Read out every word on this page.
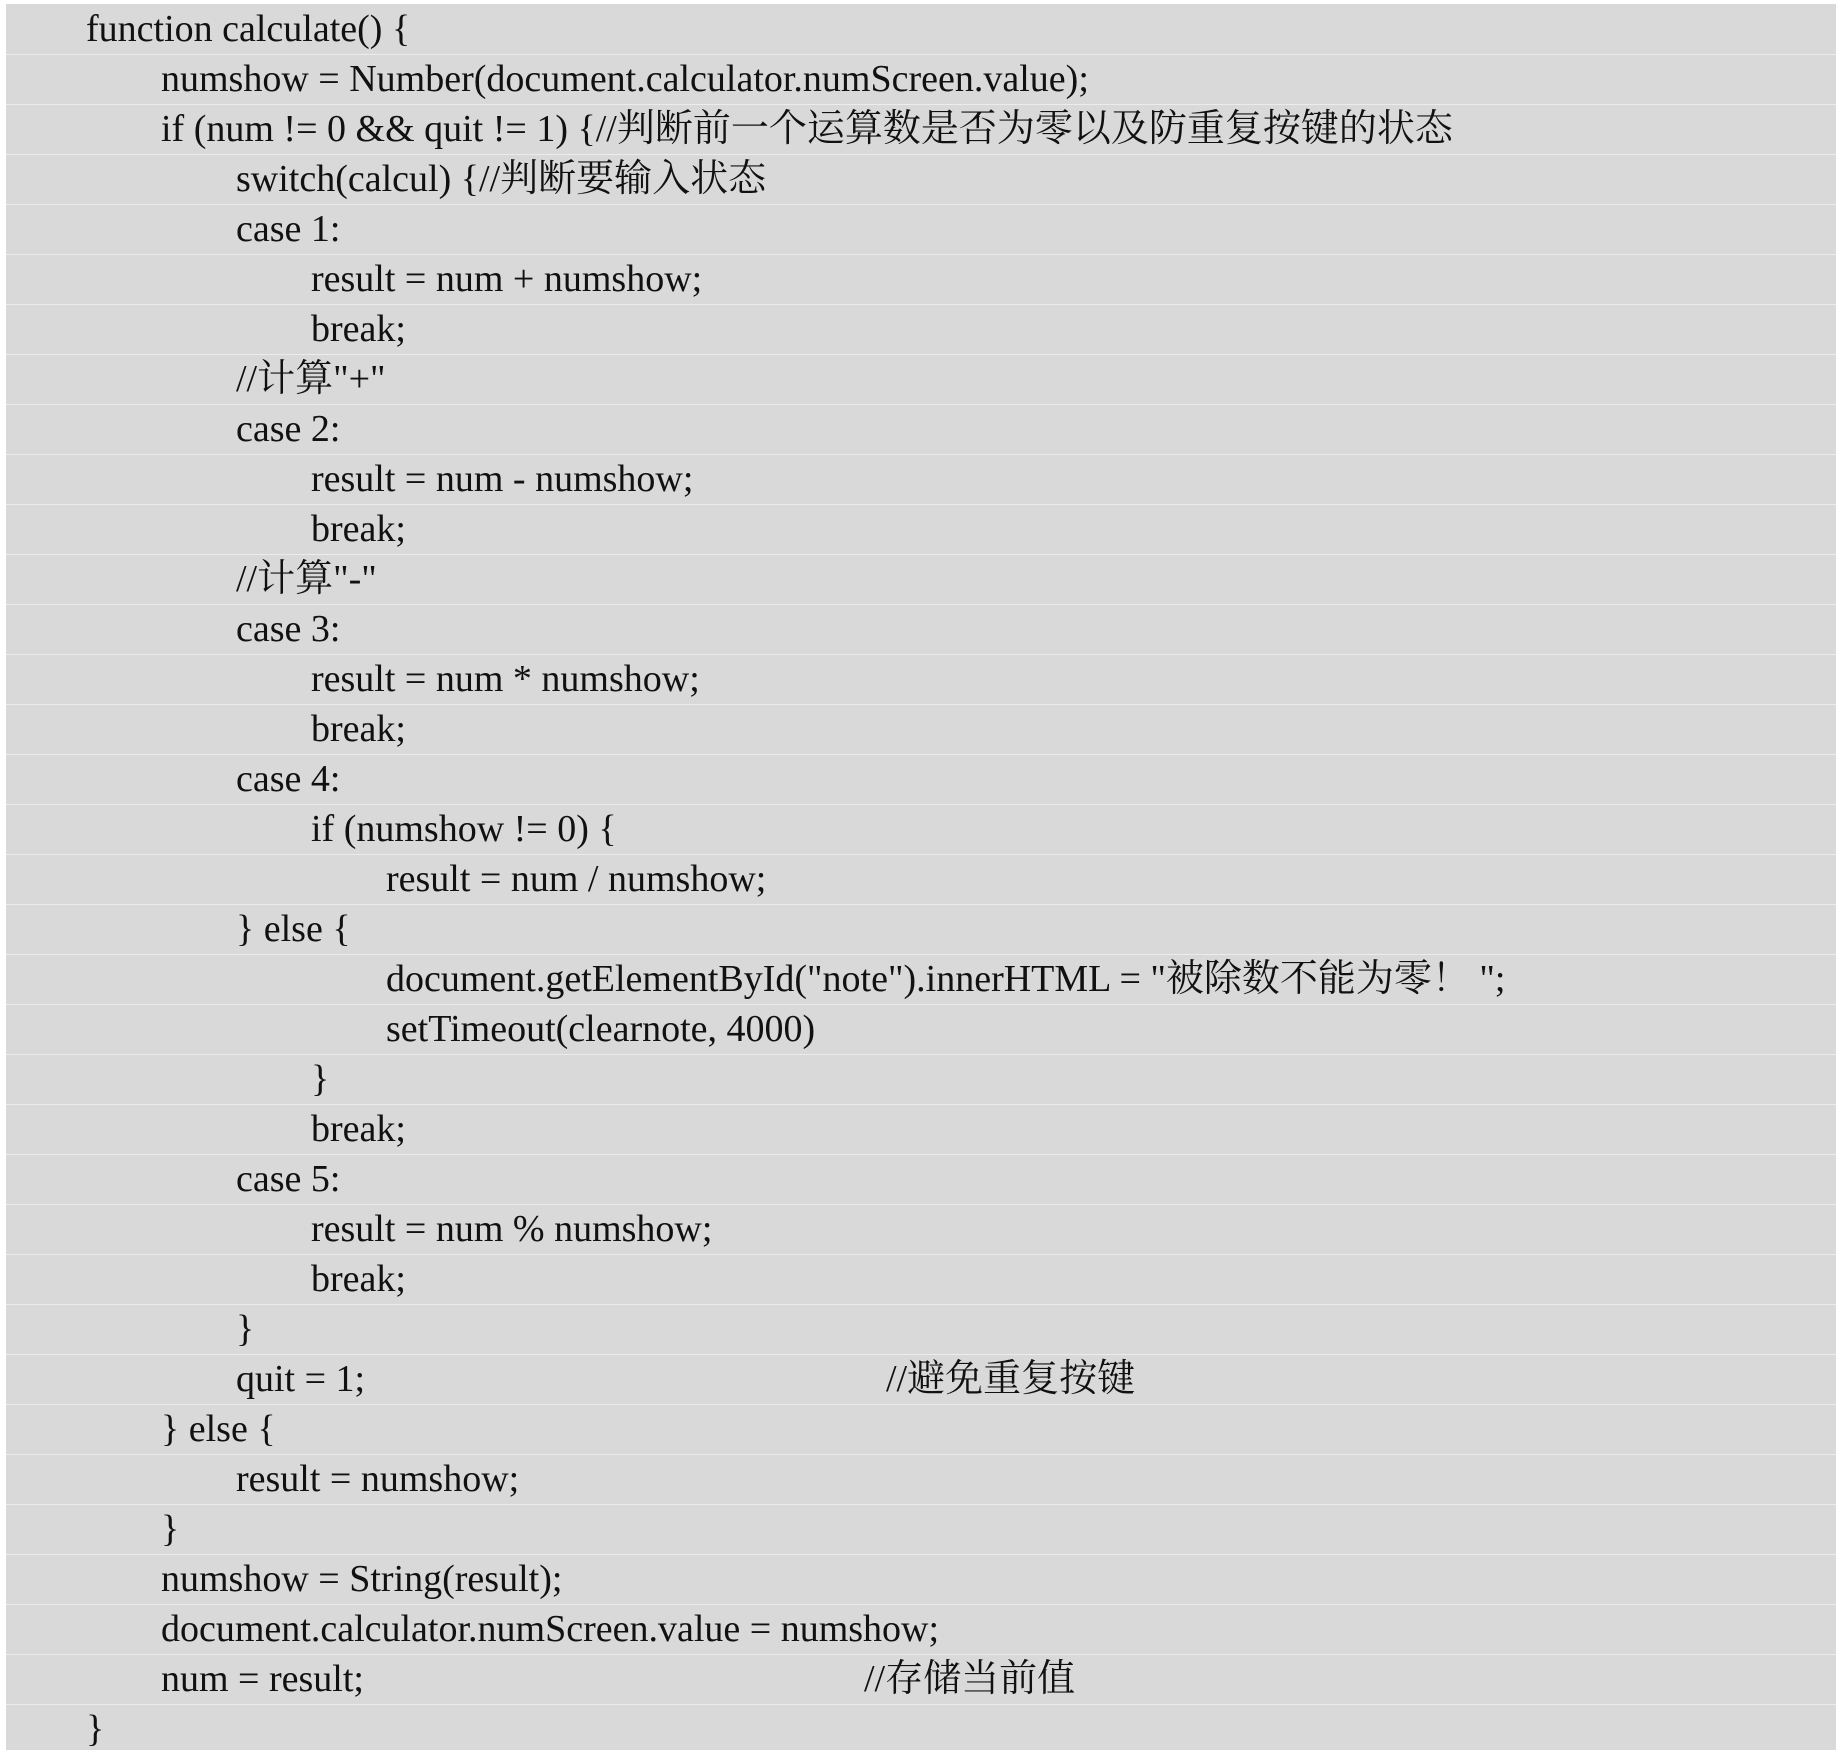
function calculate() {
numshow = Number(document.calculator.numScreen.value);
if (num != 0 && quit != 1) {//判断前一个运算数是否为零以及防重复按键的状态
switch(calcul) {//判断要输入状态
case 1:
result = num + numshow;
break;
//计算"+"
case 2:
result = num - numshow;
break;
//计算"-"
case 3:
result = num * numshow;
break;
case 4:
if (numshow != 0) {
result = num / numshow;
} else {
document.getElementById("note").innerHTML = "被除数不能为零！ ";
setTimeout(clearnote, 4000)
}
break;
case 5:
result = num % numshow;
break;
}
quit = 1;	//避免重复按键
} else {
result = numshow;
}
numshow = String(result);
document.calculator.numScreen.value = numshow;
num = result;	//存储当前值
}
